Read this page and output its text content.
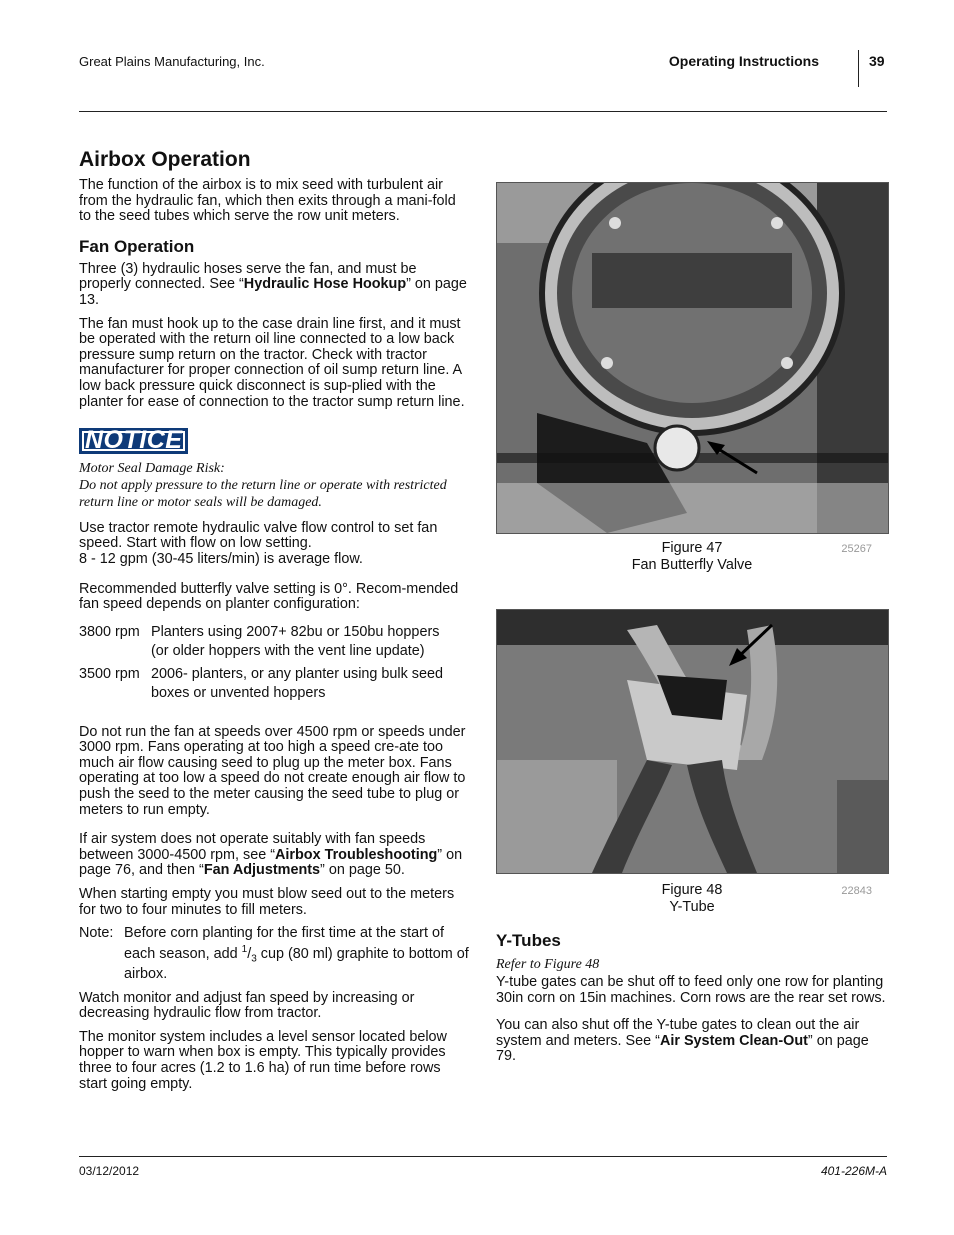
Great Plains Manufacturing, Inc.	Operating Instructions	39
Airbox Operation

The function of the airbox is to mix seed with turbulent air from the hydraulic fan, which then exits through a mani-fold to the seed tubes which serve the row unit meters.

Fan Operation

Three (3) hydraulic hoses serve the fan, and must be properly connected. See “Hydraulic Hose Hookup” on page 13.

The fan must hook up to the case drain line first, and it must be operated with the return oil line connected to a low back pressure sump return on the tractor. Check with tractor manufacturer for proper connection of oil sump return line. A low back pressure quick disconnect is sup-plied with the planter for ease of connection to the tractor sump return line.

NOTICE
Motor Seal Damage Risk:
Do not apply pressure to the return line or operate with restricted return line or motor seals will be damaged.

Use tractor remote hydraulic valve flow control to set fan speed. Start with flow on low setting.
8 - 12 gpm (30-45 liters/min) is average flow.

Recommended butterfly valve setting is 0°. Recom-mended fan speed depends on planter configuration:

3800 rpm Planters using 2007+ 82bu or 150bu hoppers
(or older hoppers with the vent line update)
3500 rpm 2006- planters, or any planter using bulk seed
boxes or unvented hoppers

Do not run the fan at speeds over 4500 rpm or speeds under 3000 rpm. Fans operating at too high a speed cre-ate too much air flow causing seed to plug up the meter box. Fans operating at too low a speed do not create enough air flow to push the seed to the meter causing the seed tube to plug or meters to run empty.

If air system does not operate suitably with fan speeds between 3000-4500 rpm, see “Airbox Troubleshooting” on page 76, and then “Fan Adjustments” on page 50.

When starting empty you must blow seed out to the meters for two to four minutes to fill meters.

Note: Before corn planting for the first time at the start of each season, add $^1/_3$ cup (80 ml) graphite to bottom of airbox.

Watch monitor and adjust fan speed by increasing or decreasing hydraulic flow from tractor.

The monitor system includes a level sensor located below hopper to warn when box is empty. This typically provides three to four acres (1.2 to 1.6 ha) of run time before rows start going empty.

Figure 47
Fan Butterfly Valve
25267
Figure 48
Y-Tube
22843
Y-Tubes
Refer to Figure 48

Y-tube gates can be shut off to feed only one row for planting 30in corn on 15in machines. Corn rows are the rear set rows.

You can also shut off the Y-tube gates to clean out the air system and meters. See “Air System Clean-Out” on page 79.

03/12/2012	401-226M-A
